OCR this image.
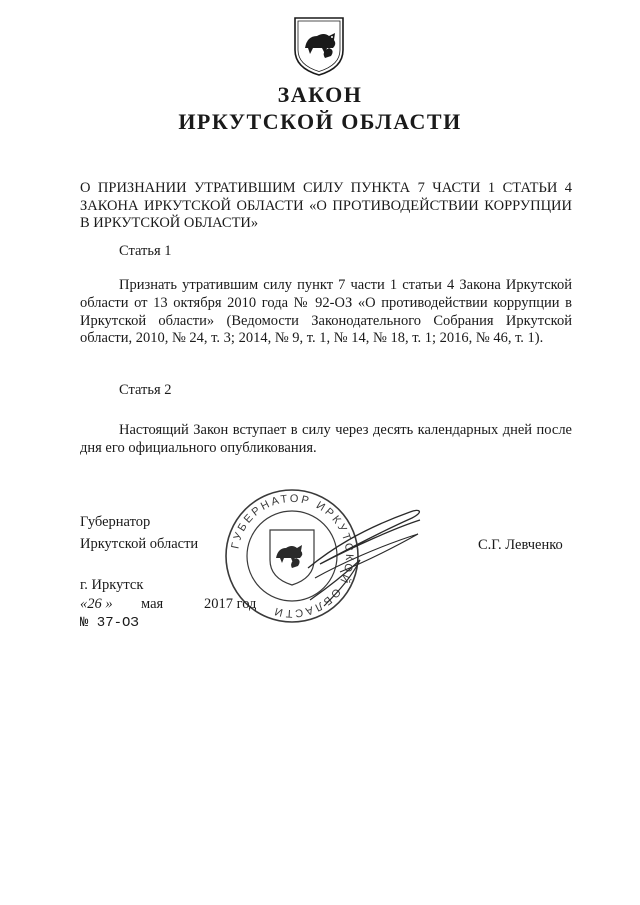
ЗАКОН
ИРКУТСКОЙ ОБЛАСТИ
О ПРИЗНАНИИ УТРАТИВШИМ СИЛУ ПУНКТА 7 ЧАСТИ 1 СТАТЬИ 4 ЗАКОНА ИРКУТСКОЙ ОБЛАСТИ «О ПРОТИВОДЕЙСТВИИ КОРРУПЦИИ В ИРКУТСКОЙ ОБЛАСТИ»
Статья 1
Признать утратившим силу пункт 7 части 1 статьи 4 Закона Иркутской области от 13 октября 2010 года № 92-ОЗ «О противодействии коррупции в Иркутской области» (Ведомости Законодательного Собрания Иркутской области, 2010, № 24, т. 3; 2014, № 9, т. 1, № 14, № 18, т. 1; 2016, № 46, т. 1).
Статья 2
Настоящий Закон вступает в силу через десять календарных дней после дня его официального опубликования.
ГУБЕРНАТОР ИРКУТСКОЙ ОБЛАСТИ
Губернатор
Иркутской области	С.Г. Левченко
г. Иркутск
«26 » мая	2017 год
№ 37-ОЗ
